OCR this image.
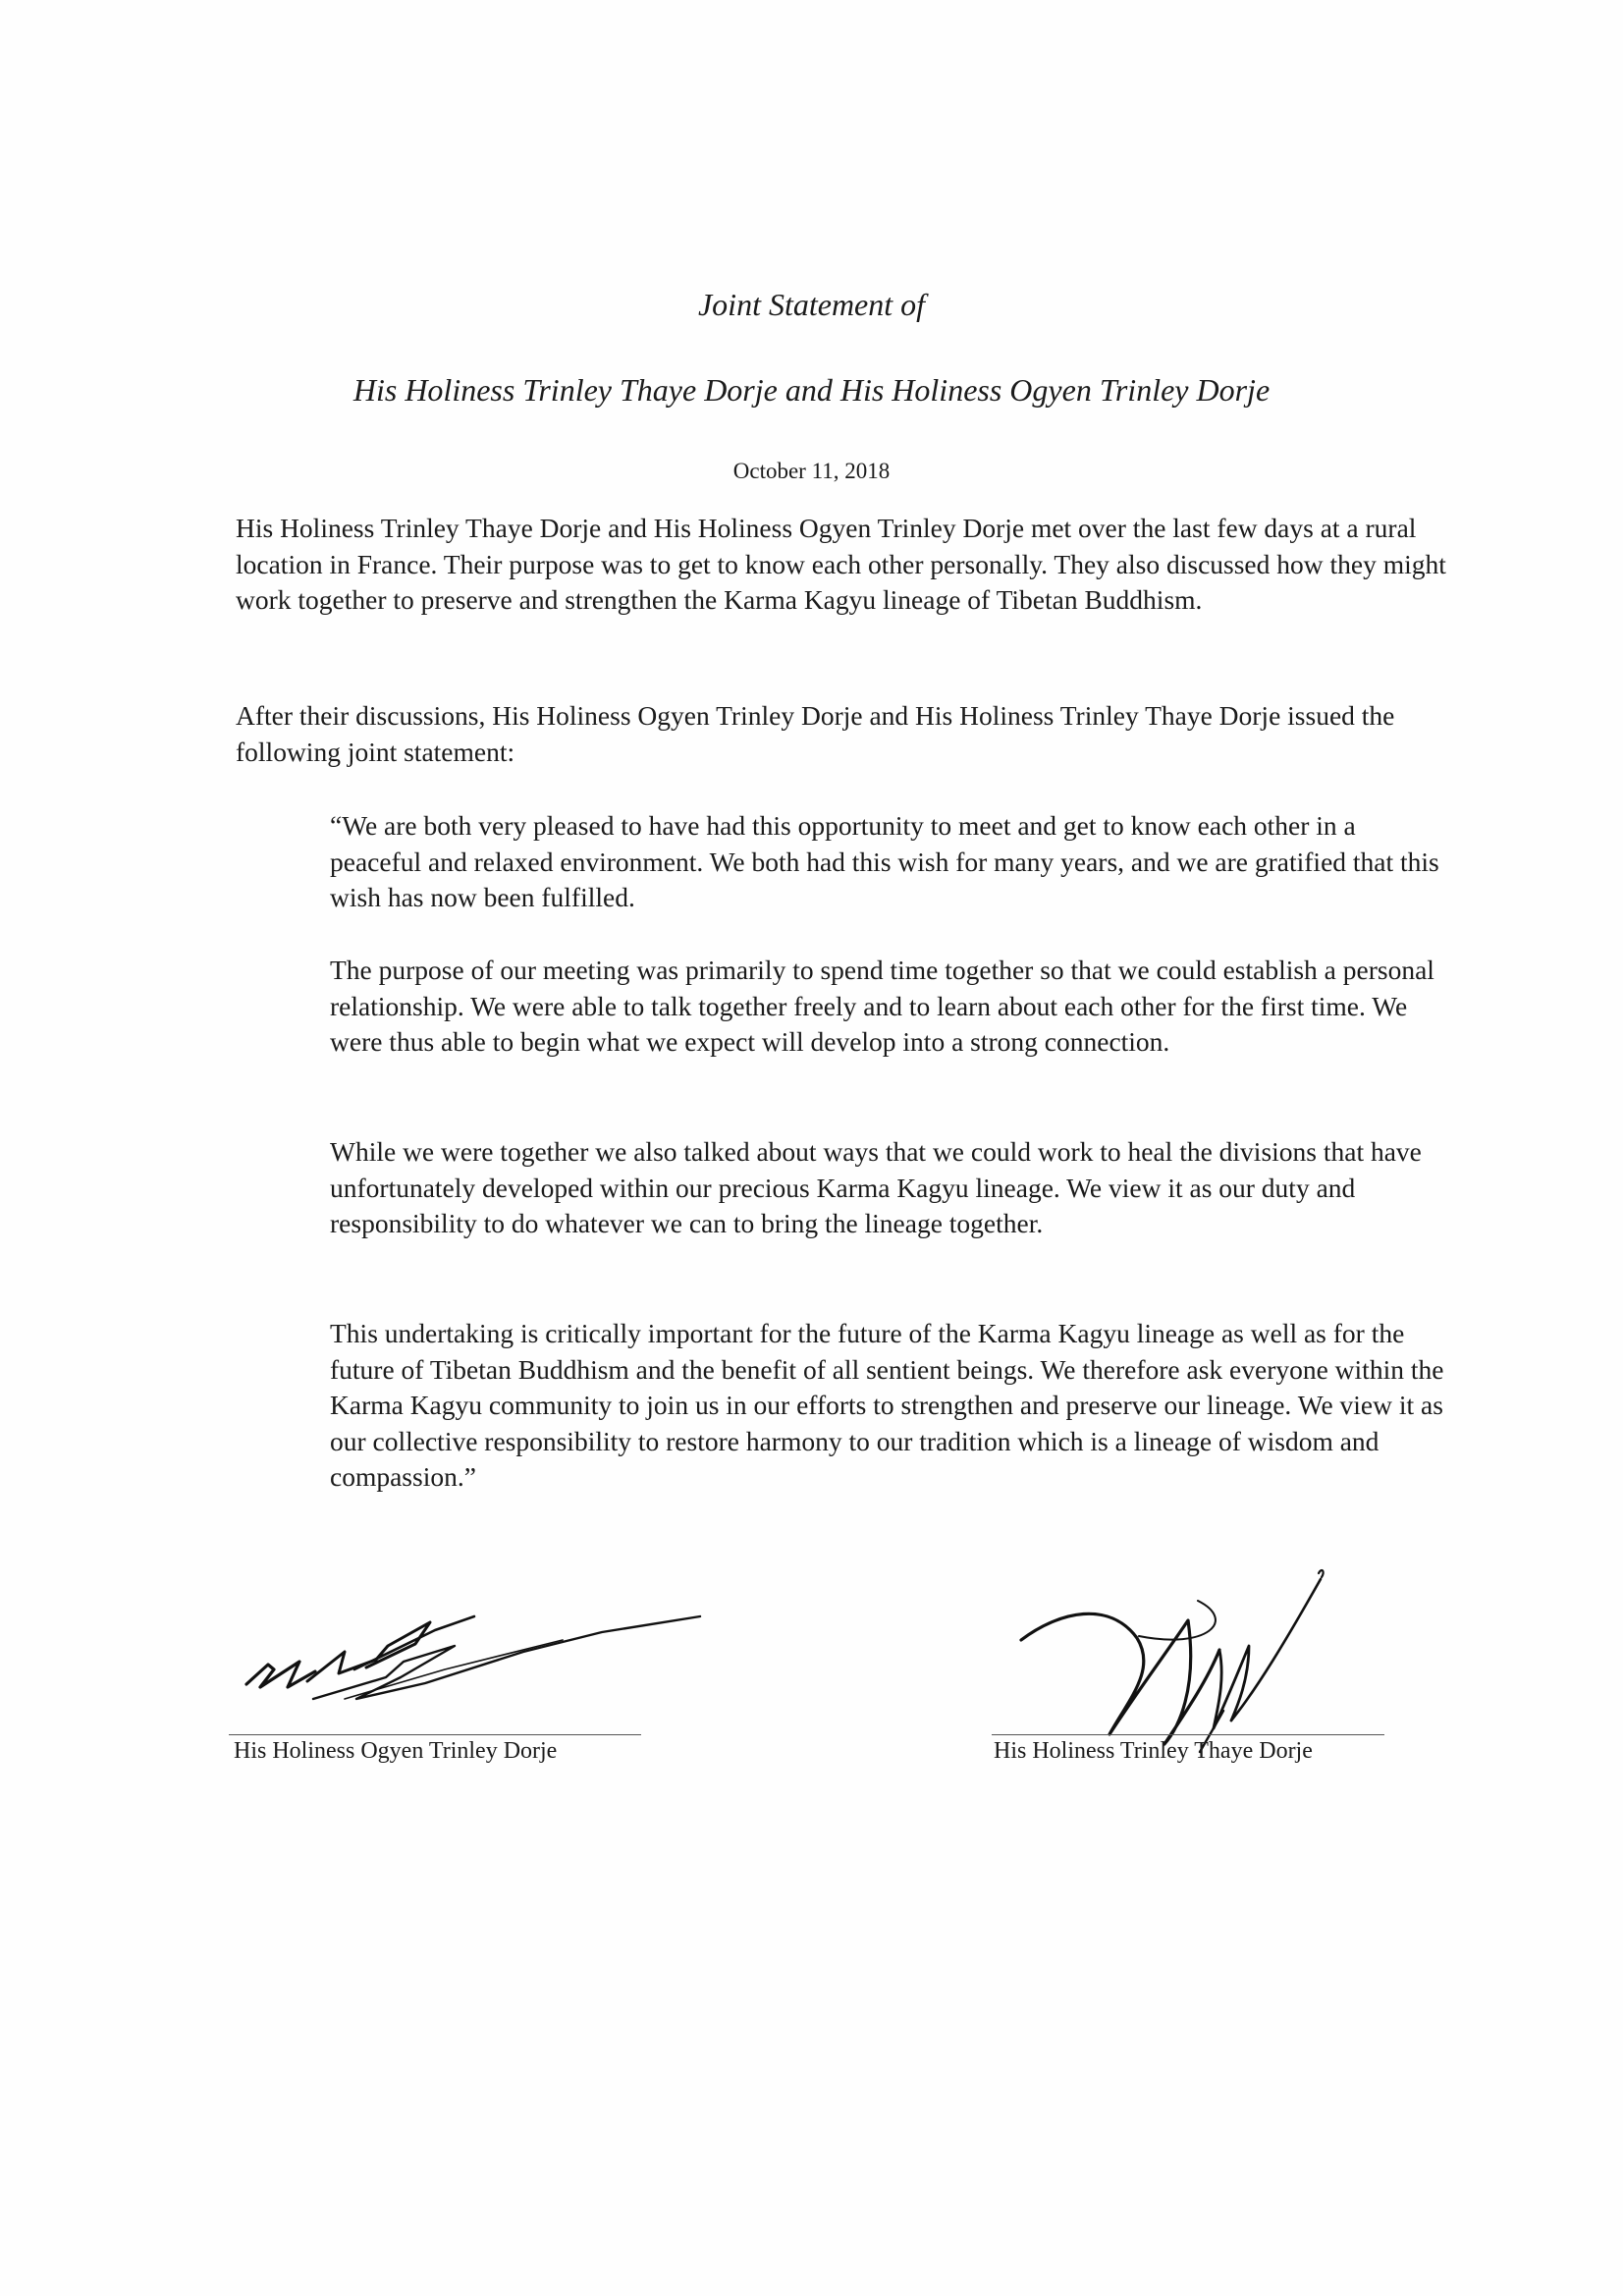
Joint Statement of
His Holiness Trinley Thaye Dorje and His Holiness Ogyen Trinley Dorje
October 11, 2018

His Holiness Trinley Thaye Dorje and His Holiness Ogyen Trinley Dorje met over the last few days at a rural location in France. Their purpose was to get to know each other personally. They also discussed how they might work together to preserve and strengthen the Karma Kagyu lineage of Tibetan Buddhism.

After their discussions, His Holiness Ogyen Trinley Dorje and His Holiness Trinley Thaye Dorje issued the following joint statement:

“We are both very pleased to have had this opportunity to meet and get to know each other in a peaceful and relaxed environment. We both had this wish for many years, and we are gratified that this wish has now been fulfilled.

The purpose of our meeting was primarily to spend time together so that we could establish a personal relationship. We were able to talk together freely and to learn about each other for the first time. We were thus able to begin what we expect will develop into a strong connection.

While we were together we also talked about ways that we could work to heal the divisions that have unfortunately developed within our precious Karma Kagyu lineage. We view it as our duty and responsibility to do whatever we can to bring the lineage together.

This undertaking is critically important for the future of the Karma Kagyu lineage as well as for the future of Tibetan Buddhism and the benefit of all sentient beings. We therefore ask everyone within the Karma Kagyu community to join us in our efforts to strengthen and preserve our lineage. We view it as our collective responsibility to restore harmony to our tradition which is a lineage of wisdom and compassion.”

His Holiness Ogyen Trinley Dorje	His Holiness Trinley Thaye Dorje
